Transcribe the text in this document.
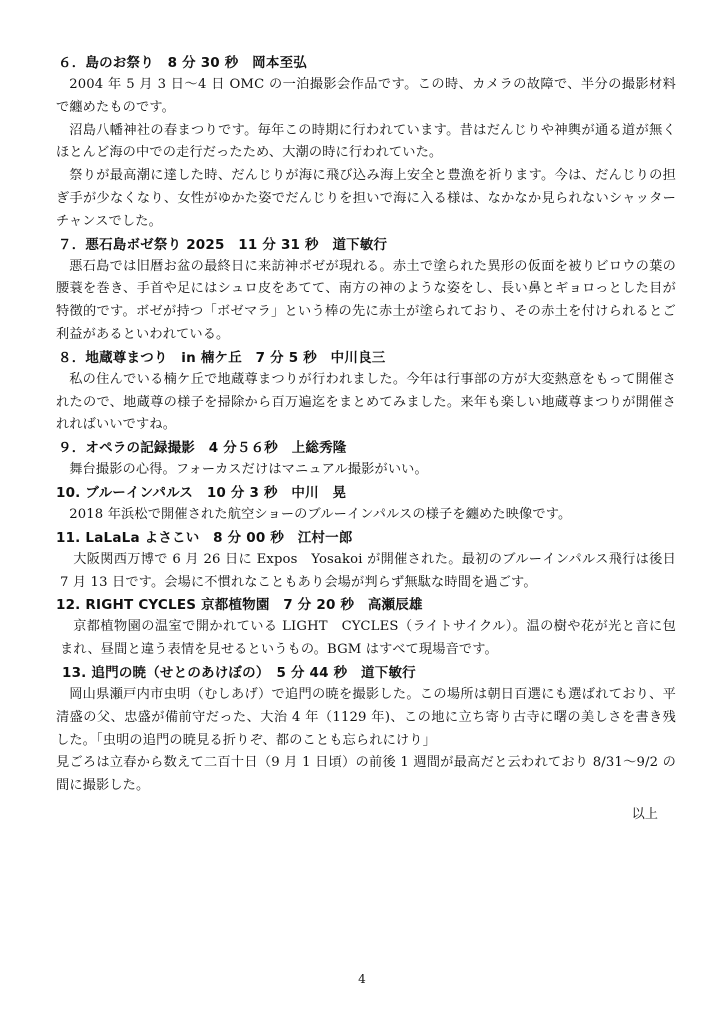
６．島のお祭り　8 分 30 秒　岡本至弘

2004 年 5 月 3 日～4 日 OMC の一泊撮影会作品です。この時、カメラの故障で、半分の撮影材料で纏めたものです。

沼島八幡神社の春まつりです。毎年この時期に行われています。昔はだんじりや神輿が通る道が無くほとんど海の中での走行だったため、大潮の時に行われていた。

祭りが最高潮に達した時、だんじりが海に飛び込み海上安全と豊漁を祈ります。今は、だんじりの担ぎ手が少なくなり、女性がゆかた姿でだんじりを担いで海に入る様は、なかなか見られないシャッターチャンスでした。

７．悪石島ボゼ祭り 2025　11 分 31 秒　道下敏行

悪石島では旧暦お盆の最終日に来訪神ボゼが現れる。赤土で塗られた異形の仮面を被りビロウの葉の腰蓑を巻き、手首や足にはシュロ皮をあてて、南方の神のような姿をし、長い鼻とギョロっとした目が特徴的です。ボゼが持つ「ボゼマラ」という棒の先に赤土が塗られており、その赤土を付けられるとご利益があるといわれている。

８．地蔵尊まつり　in 楠ケ丘　7 分 5 秒　中川良三

私の住んでいる楠ケ丘で地蔵尊まつりが行われました。今年は行事部の方が大変熱意をもって開催されたので、地蔵尊の様子を掃除から百万遍迄をまとめてみました。来年も楽しい地蔵尊まつりが開催されればいいですね。

９．オペラの記録撮影　4 分５６秒　上総秀隆

舞台撮影の心得。フォーカスだけはマニュアル撮影がいい。

10. ブルーインパルス　10 分 3 秒　中川　晃

2018 年浜松で開催された航空ショーのブルーインパルスの様子を纏めた映像です。

11. LaLaLa よさこい　8 分 00 秒　江村一郎

大阪関西万博で 6 月 26 日に Expos　Yosakoi が開催された。最初のブルーインパルス飛行は後日 7 月 13 日です。会場に不慣れなこともあり会場が判らず無駄な時間を過ごす。

12. RIGHT CYCLES 京都植物園　7 分 20 秒　高瀬辰雄

京都植物園の温室で開かれている LIGHT　CYCLES（ライトサイクル）。温の樹や花が光と音に包まれ、昼間と違う表情を見せるというもの。BGM はすべて現場音です。

13. 追門の暁（せとのあけぼの）　5 分 44 秒　道下敏行

岡山県瀬戸内市虫明（むしあげ）で追門の暁を撮影した。この場所は朝日百選にも選ばれており、平清盛の父、忠盛が備前守だった、大治 4 年（1129 年)、この地に立ち寄り古寺に曙の美しさを書き残した。「虫明の追門の暁見る折りぞ、都のことも忘られにけり」

見ごろは立春から数えて二百十日（9 月 1 日頃）の前後 1 週間が最高だと云われており 8/31～9/2 の間に撮影した。

以上
4
